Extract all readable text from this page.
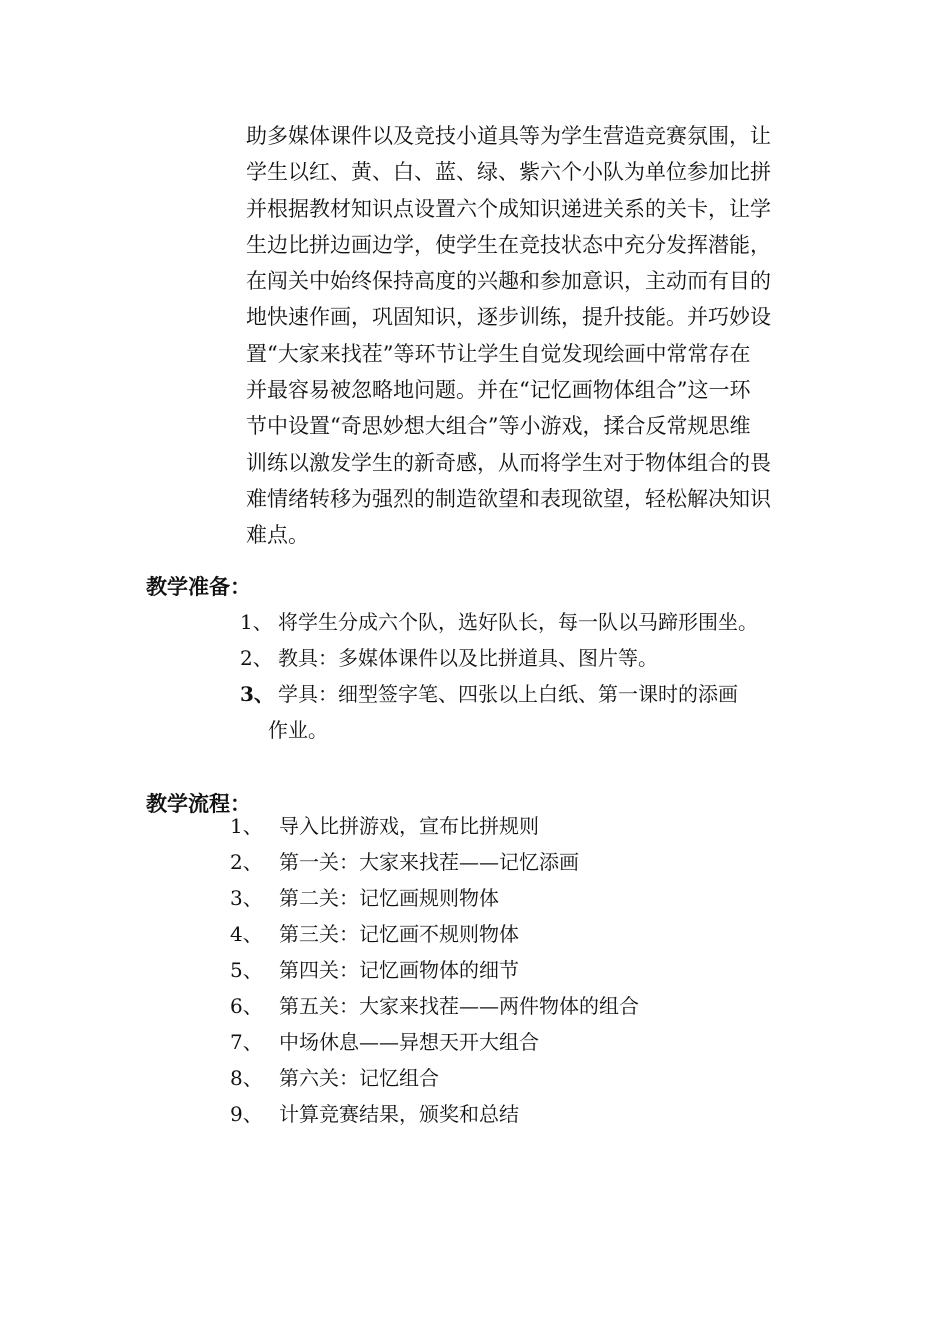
助多媒体课件以及竞技小道具等为学生营造竞赛氛围，让
学生以红、黄、白、蓝、绿、紫六个小队为单位参加比拼
并根据教材知识点设置六个成知识递进关系的关卡，让学
生边比拼边画边学，使学生在竞技状态中充分发挥潜能，
在闯关中始终保持高度的兴趣和参加意识，主动而有目的
地快速作画，巩固知识，逐步训练，提升技能。并巧妙设
置“大家来找茬”等环节让学生自觉发现绘画中常常存在
并最容易被忽略地问题。并在“记忆画物体组合”这一环
节中设置“奇思妙想大组合”等小游戏，揉合反常规思维
训练以激发学生的新奇感，从而将学生对于物体组合的畏
难情绪转移为强烈的制造欲望和表现欲望，轻松解决知识
难点。
教学准备：
1、 将学生分成六个队，选好队长，每一队以马蹄形围坐。
2、 教具：多媒体课件以及比拼道具、图片等。
3、 学具：细型签字笔、四张以上白纸、第一课时的添画
作业。
教学流程：
1、 导入比拼游戏，宣布比拼规则
2、 第一关：大家来找茬——记忆添画
3、 第二关：记忆画规则物体
4、 第三关：记忆画不规则物体
5、 第四关：记忆画物体的细节
6、 第五关：大家来找茬——两件物体的组合
7、 中场休息——异想天开大组合
8、 第六关：记忆组合
9、 计算竞赛结果，颁奖和总结
